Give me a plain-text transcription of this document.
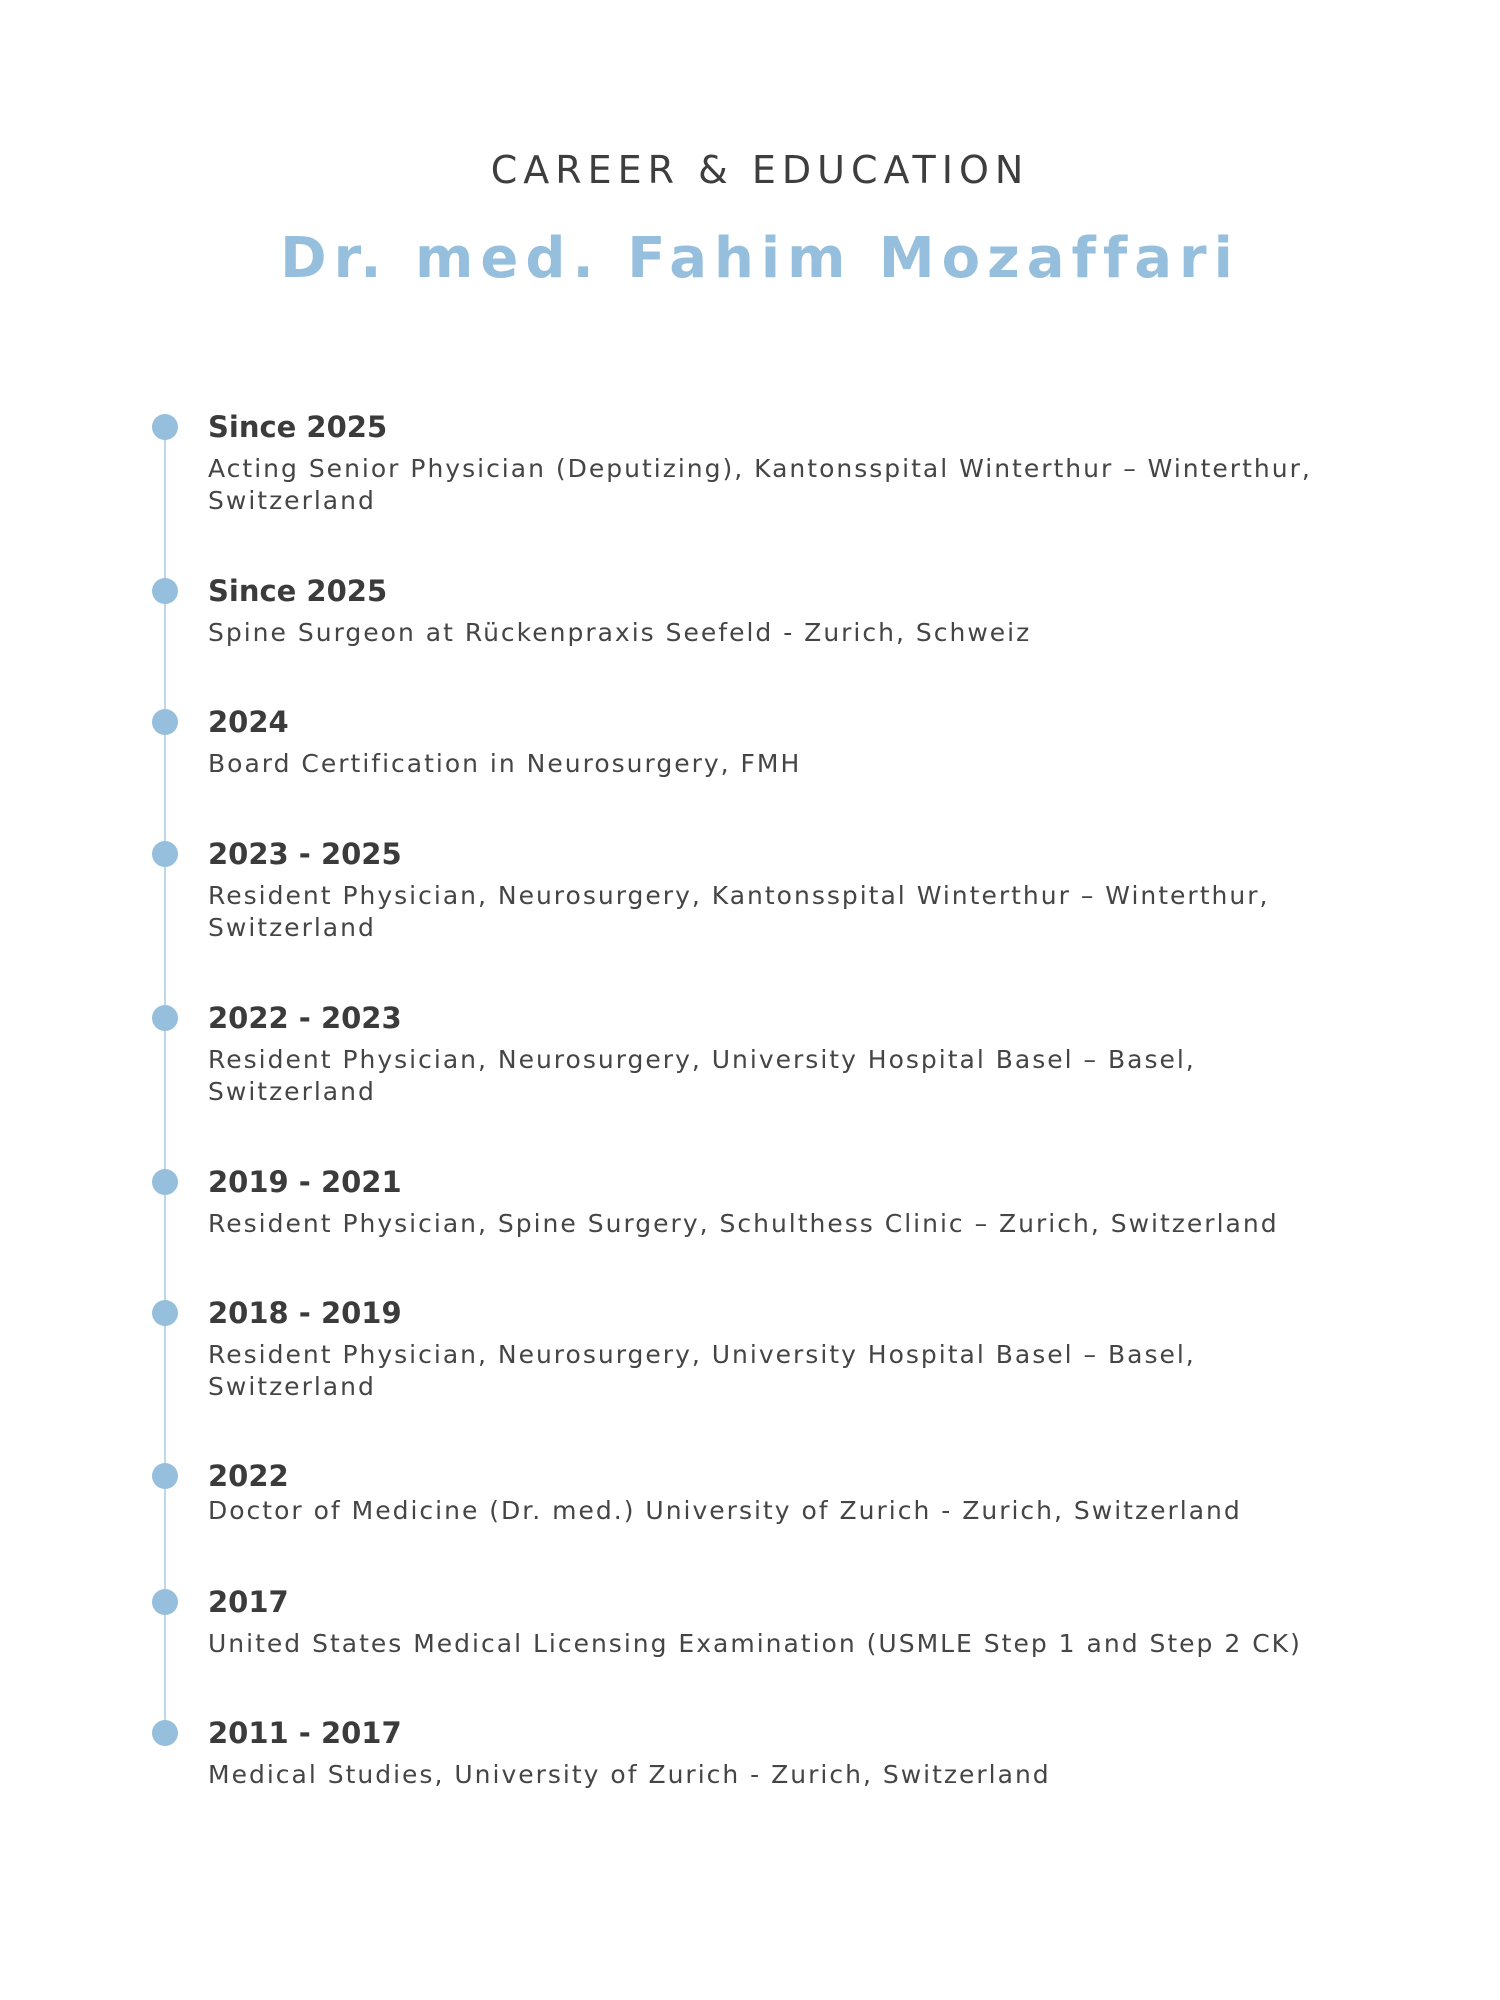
CAREER & EDUCATION
Dr. med. Fahim Mozaffari
Since 2025
Acting Senior Physician (Deputizing), Kantonsspital Winterthur – Winterthur, Switzerland
Since 2025
Spine Surgeon at Rückenpraxis Seefeld - Zurich, Schweiz
2024
Board Certification in Neurosurgery, FMH
2023 - 2025
Resident Physician, Neurosurgery, Kantonsspital Winterthur – Winterthur, Switzerland
2022 - 2023
Resident Physician, Neurosurgery, University Hospital Basel – Basel, Switzerland
2019 - 2021
Resident Physician, Spine Surgery, Schulthess Clinic – Zurich, Switzerland
2018 - 2019
Resident Physician, Neurosurgery, University Hospital Basel – Basel, Switzerland
2022
Doctor of Medicine (Dr. med.) University of Zurich - Zurich, Switzerland
2017
United States Medical Licensing Examination (USMLE Step 1 and Step 2 CK)
2011 - 2017
Medical Studies, University of Zurich - Zurich, Switzerland
